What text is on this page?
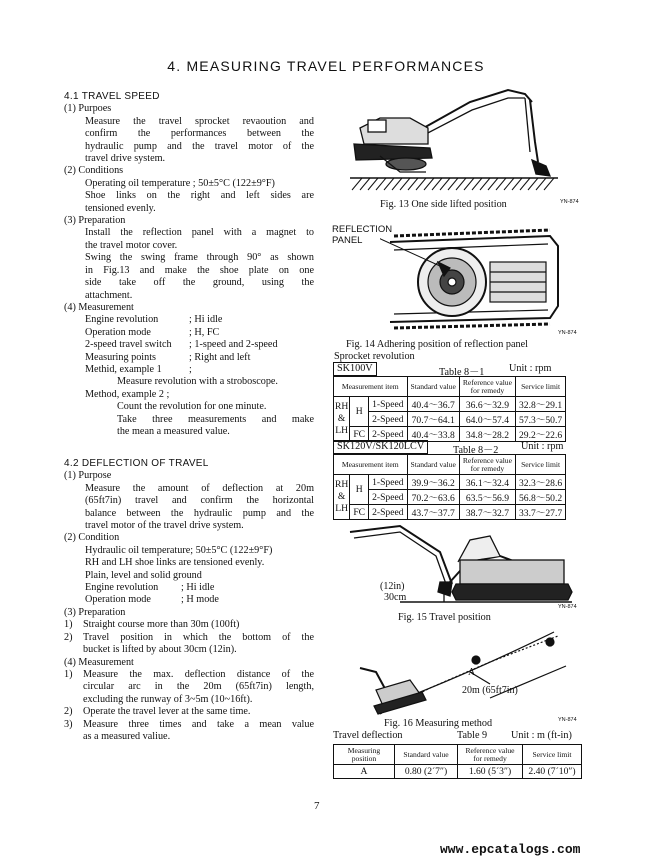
4. MEASURING TRAVEL PERFORMANCES
4.1 TRAVEL SPEED
(1) Purpoes
Measure the travel sprocket revaoution and
confirm the performances between the
hydraulic pump and the travel motor of the
travel drive system.
(2) Conditions
Operating oil temperature ; 50±5°C (122±9°F)
Shoe links on the right and left sides are
tensioned evenly.
(3) Preparation
Install the reflection panel with a magnet to
the travel motor cover.
Swing the swing frame through 90° as shown
in Fig.13 and make the shoe plate on one
side take off the ground, using the
attachment.
(4) Measurement
Engine revolution	; Hi idle
Operation mode	; H, FC
2-speed travel switch ; 1-speed and 2-speed
Measuring points	; Right and left
Methid, example 1	;
Measure revolution with a stroboscope.
Method, example 2 ;
Count the revolution for one minute.
Take three measurements and make
the mean a measured value.
4.2 DEFLECTION OF TRAVEL
(1) Purpose
Measure the amount of deflection at 20m
(65ft7in) travel and confirm the horizontal
balance between the hydraulic pump and the
travel motor of the travel drive system.
(2) Condition
Hydraulic oil temperature; 50±5°C (122±9°F)
RH and LH shoe links are tensioned evenly.
Plain, level and solid ground
Engine revolution ; Hi idle
Operation mode	; H mode
(3) Preparation
1) Straight course more than 30m (100ft)
2)	Travel position in which the bottom of the
bucket is lifted by about 30cm (12in).
(4) Measurement
1)	Measure the max. deflection distance of the
circular arc in the 20m (65ft7in) length,
excluding the runway of 3~5m (10~16ft).
2) Operate the travel lever at the same time.
3)	Measure three times and take a mean value
as a measured valiue.
Fig. 13 One side lifted position	YN-874
REFLECTION
PANEL
YN-874
Fig. 14 Adhering position of reflection panel
Sprocket revolution
SK100V	Table 8－1 Unit : rpm
Measurement item			Standard value	Reference value
for remedy	Service limit
RH
&
LH	H	1-Speed	40.4～36.7	36.6～32.9	32.8～29.1
		2-Speed	70.7～64.1	64.0～57.4	57.3～50.7
	FC	2-Speed	40.4～33.8	34.8～28.2	29.2～22.6
SK120V/SK120LCV	Table 8－2 Unit : rpm
Measurement item			Standard value	Reference value
for remedy	Service limit
RH
&
LH	H	1-Speed	39.9～36.2	36.1～32.4	32.3～28.6
		2-Speed	70.2～63.6	63.5～56.9	56.8～50.2
	FC	2-Speed	43.7～37.7	38.7～32.7	33.7～27.7
(12in)
30cm
YN-874
Fig. 15 Travel position
A
20m (65ft7in)
YN-874
Fig. 16 Measuring method
Travel deflection	Table 9 Unit : m (ft-in)
Measuring
position	Standard value	Reference value
for remedy	Service limit
A	0.80 (2´7″)	1.60 (5´3″)	2.40 (7´10″)
7
www.epcatalogs.com
